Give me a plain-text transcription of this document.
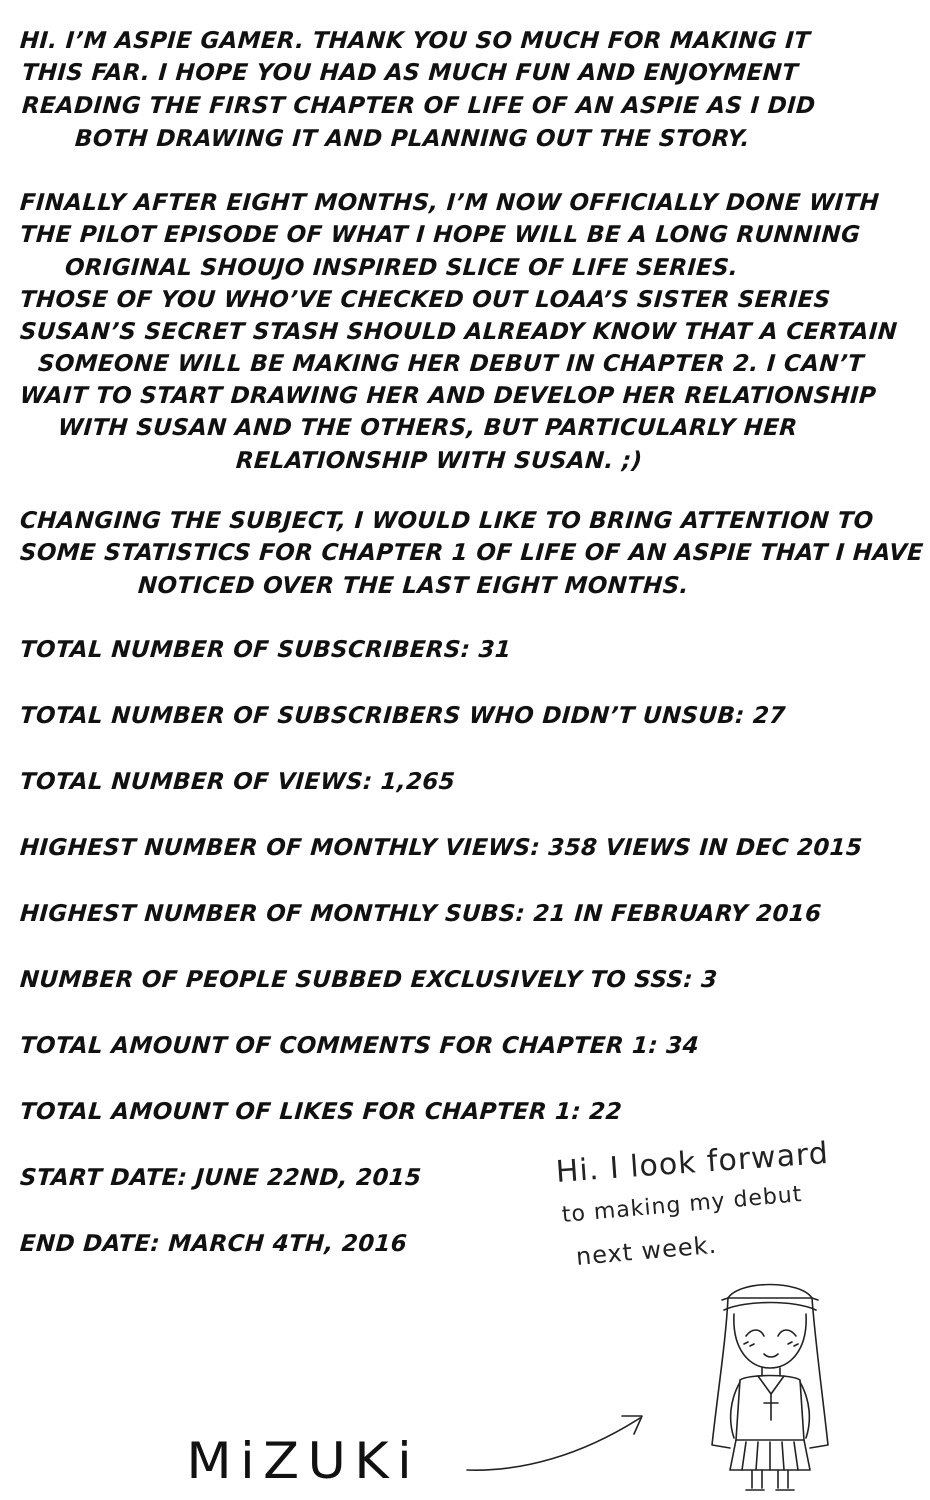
HI. I’M ASPIE GAMER. THANK YOU SO MUCH FOR MAKING IT
THIS FAR. I HOPE YOU HAD AS MUCH FUN AND ENJOYMENT
READING THE FIRST CHAPTER OF LIFE OF AN ASPIE AS I DID
BOTH DRAWING IT AND PLANNING OUT THE STORY.
FINALLY AFTER EIGHT MONTHS, I’M NOW OFFICIALLY DONE WITH
THE PILOT EPISODE OF WHAT I HOPE WILL BE A LONG RUNNING
ORIGINAL SHOUJO INSPIRED SLICE OF LIFE SERIES.
THOSE OF YOU WHO’VE CHECKED OUT LOAA’S SISTER SERIES
SUSAN’S SECRET STASH SHOULD ALREADY KNOW THAT A CERTAIN
SOMEONE WILL BE MAKING HER DEBUT IN CHAPTER 2. I CAN’T
WAIT TO START DRAWING HER AND DEVELOP HER RELATIONSHIP
WITH SUSAN AND THE OTHERS, BUT PARTICULARLY HER
RELATIONSHIP WITH SUSAN. ;)
CHANGING THE SUBJECT, I WOULD LIKE TO BRING ATTENTION TO
SOME STATISTICS FOR CHAPTER 1 OF LIFE OF AN ASPIE THAT I HAVE
NOTICED OVER THE LAST EIGHT MONTHS.
TOTAL NUMBER OF SUBSCRIBERS: 31
TOTAL NUMBER OF SUBSCRIBERS WHO DIDN’T UNSUB: 27
TOTAL NUMBER OF VIEWS: 1,265
HIGHEST NUMBER OF MONTHLY VIEWS: 358 VIEWS IN DEC 2015
HIGHEST NUMBER OF MONTHLY SUBS: 21 IN FEBRUARY 2016
NUMBER OF PEOPLE SUBBED EXCLUSIVELY TO SSS: 3
TOTAL AMOUNT OF COMMENTS FOR CHAPTER 1: 34
TOTAL AMOUNT OF LIKES FOR CHAPTER 1: 22
START DATE: JUNE 22ND, 2015
END DATE: MARCH 4TH, 2016
Hi. I look forward
to making my debut
next week.
MiZUKi
